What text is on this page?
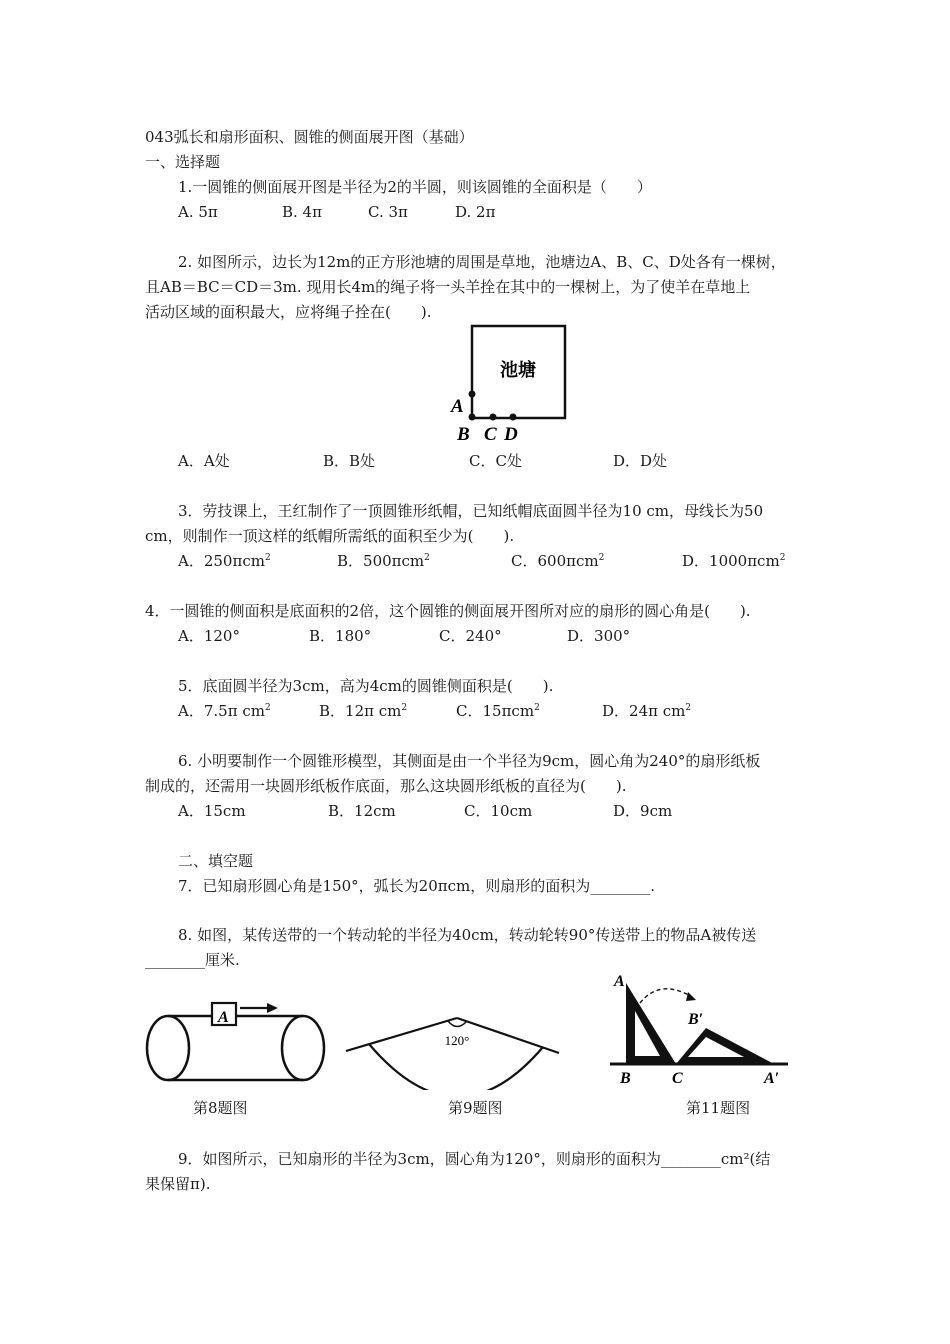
043弧长和扇形面积、圆锥的侧面展开图（基础）
一、选择题
1.一圆锥的侧面展开图是半径为2的半圆，则该圆锥的全面积是（　　）
A. 5π	B. 4π	C. 3π	D. 2π
2. 如图所示，边长为12m的正方形池塘的周围是草地，池塘边A、B、C、D处各有一棵树，
且AB＝BC＝CD＝3m. 现用长4m的绳子将一头羊拴在其中的一棵树上，为了使羊在草地上
活动区域的面积最大，应将绳子拴在(　　).
池塘
A
B C D
A．A处	B．B处	C．C处	D．D处
3．劳技课上，王红制作了一顶圆锥形纸帽，已知纸帽底面圆半径为10 cm，母线长为50
cm，则制作一顶这样的纸帽所需纸的面积至少为(　　).
A．250πcm$^2$	B．500πcm$^2$	C．600πcm$^2$	D．1000πcm$^2$
4．一圆锥的侧面积是底面积的2倍，这个圆锥的侧面展开图所对应的扇形的圆心角是(　　).
A．120°	B．180°	C．240°	D．300°
5．底面圆半径为3cm，高为4cm的圆锥侧面积是(　　).
A．7.5π $cm^2$	B．12π $cm^2$	C．15πcm$^2$	D．24π $cm^2$
6. 小明要制作一个圆锥形模型，其侧面是由一个半径为9cm，圆心角为240°的扇形纸板
制成的，还需用一块圆形纸板作底面，那么这块圆形纸板的直径为(　　).
A．15cm	B．12cm	C．10cm	D．9cm
二、填空题
7．已知扇形圆心角是150°，弧长为20πcm，则扇形的面积为________.
8. 如图，某传送带的一个转动轮的半径为40cm，转动轮转90°传送带上的物品A被传送
________厘米.
A
第8题图
120°
第9题图
A
B′
B	C	A′
第11题图
9．如图所示，已知扇形的半径为3cm，圆心角为120°，则扇形的面积为________cm²(结
果保留π).
